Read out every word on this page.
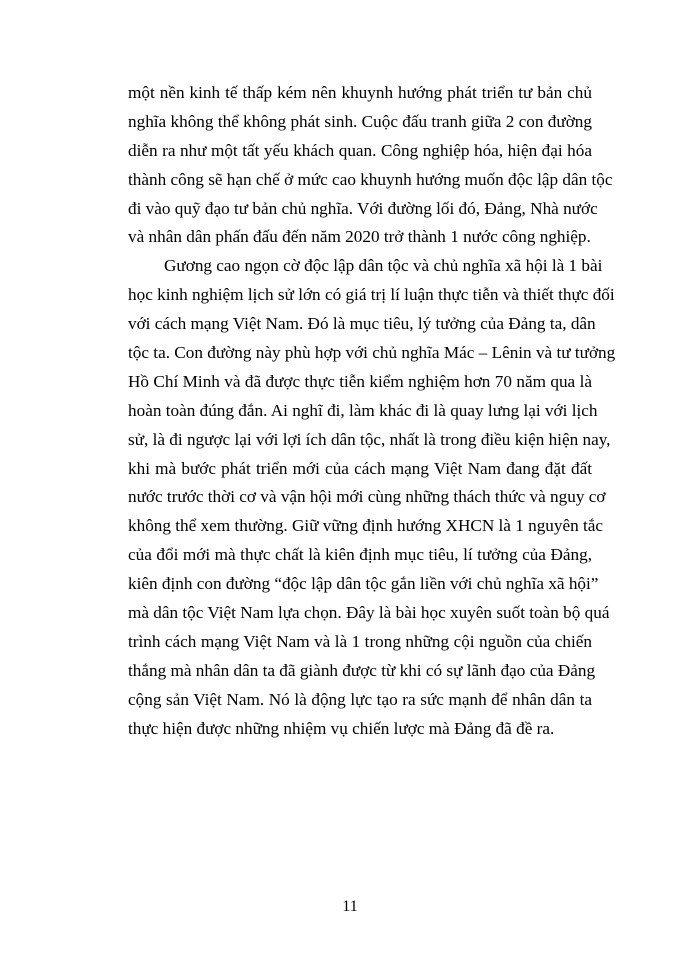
một nền kinh tế thấp kém nên khuynh hướng phát triển tư bản chủ
nghĩa không thể không phát sinh. Cuộc đấu tranh giữa 2 con đường
diễn ra như một tất yếu khách quan. Công nghiệp hóa, hiện đại hóa
thành công sẽ hạn chế ở mức cao khuynh hướng muốn độc lập dân tộc
đi vào quỹ đạo tư bản chủ nghĩa. Với đường lối đó, Đảng, Nhà nước
và nhân dân phấn đấu đến năm 2020 trở thành 1 nước công nghiệp.
Gương cao ngọn cờ độc lập dân tộc và chủ nghĩa xã hội là 1 bài
học kinh nghiệm lịch sử lớn có giá trị lí luận thực tiễn và thiết thực đối
với cách mạng Việt Nam. Đó là mục tiêu, lý tưởng của Đảng ta, dân
tộc ta. Con đường này phù hợp với chủ nghĩa Mác – Lênin và tư tưởng
Hồ Chí Minh và đã được thực tiễn kiểm nghiệm hơn 70 năm qua là
hoàn toàn đúng đắn. Ai nghĩ đi, làm khác đi là quay lưng lại với lịch
sử, là đi ngược lại với lợi ích dân tộc, nhất là trong điều kiện hiện nay,
khi mà bước phát triển mới của cách mạng Việt Nam đang đặt đất
nước trước thời cơ và vận hội mới cùng những thách thức và nguy cơ
không thể xem thường. Giữ vững định hướng XHCN là 1 nguyên tắc
của đổi mới mà thực chất là kiên định mục tiêu, lí tưởng của Đảng,
kiên định con đường “độc lập dân tộc gắn liền với chủ nghĩa xã hội”
mà dân tộc Việt Nam lựa chọn. Đây là bài học xuyên suốt toàn bộ quá
trình cách mạng Việt Nam và là 1 trong những cội nguồn của chiến
thắng mà nhân dân ta đã giành được từ khi có sự lãnh đạo của Đảng
cộng sản Việt Nam. Nó là động lực tạo ra sức mạnh để nhân dân ta
thực hiện được những nhiệm vụ chiến lược mà Đảng đã đề ra.
11
